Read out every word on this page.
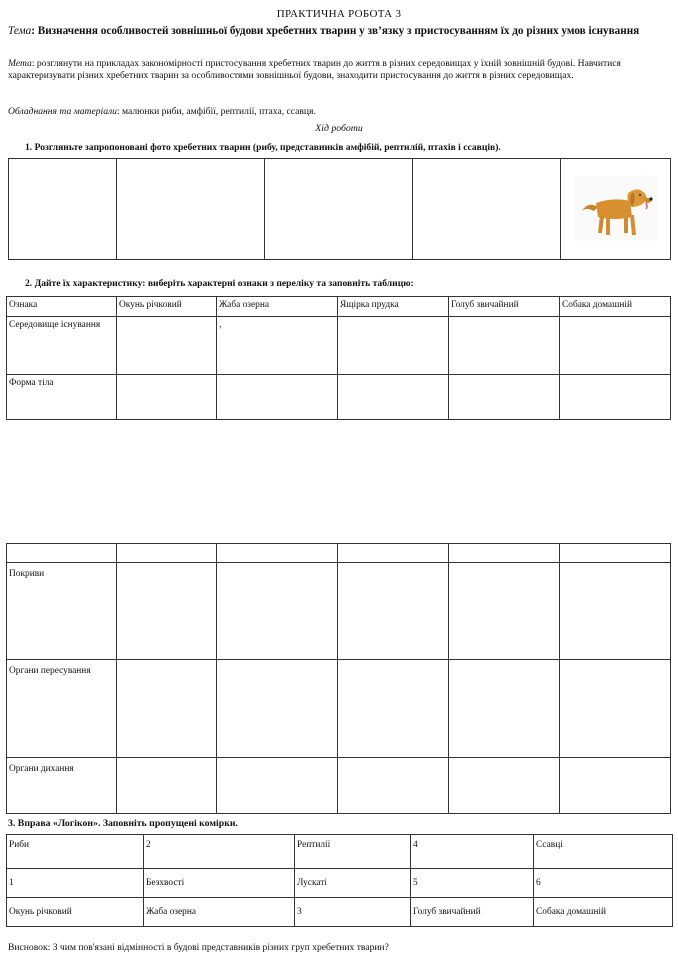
ПРАКТИЧНА РОБОТА 3
Тема: Визначення особливостей зовнішньої будови хребетних тварин у зв’язку з пристосуванням їх до різних умов існування
Мета: розглянути на прикладах закономірності пристосування хребетних тварин до життя в різних середовищах у їхній зовнішній будові. Навчитися характеризувати різних хребетних тварин за особливостями зовнішньої будови, знаходити пристосування до життя в різних середовищах.
Обладнання та матеріали: малюнки риби, амфібії, рептилії, птаха, ссавця.
Хід роботи
1. Розгляньте запропоновані фото хребетних тварин (рибу, представників амфібій, рептилій, птахів і ссавців).

2. Дайте їх характеристику: виберіть характерні ознаки з переліку та заповніть таблицю:
Ознака	Окунь річковий	Жаба озерна	Ящірка прудка	Голуб звичайний	Собака домашній
Середовище існування		,			
Форма тіла					

Покриви					
Органи пересування					
Органи дихання					
3. Вправа «Логікон». Заповніть пропущені комірки.
Риби	2	Рептилії	4	Ссавці
1	Безхвості	Лускаті	5	6
Окунь річковий	Жаба озерна	3	Голуб звичайний	Собака домашній
Висновок: З чим пов'язані відмінності в будові представників різних груп хребетних тварин?
